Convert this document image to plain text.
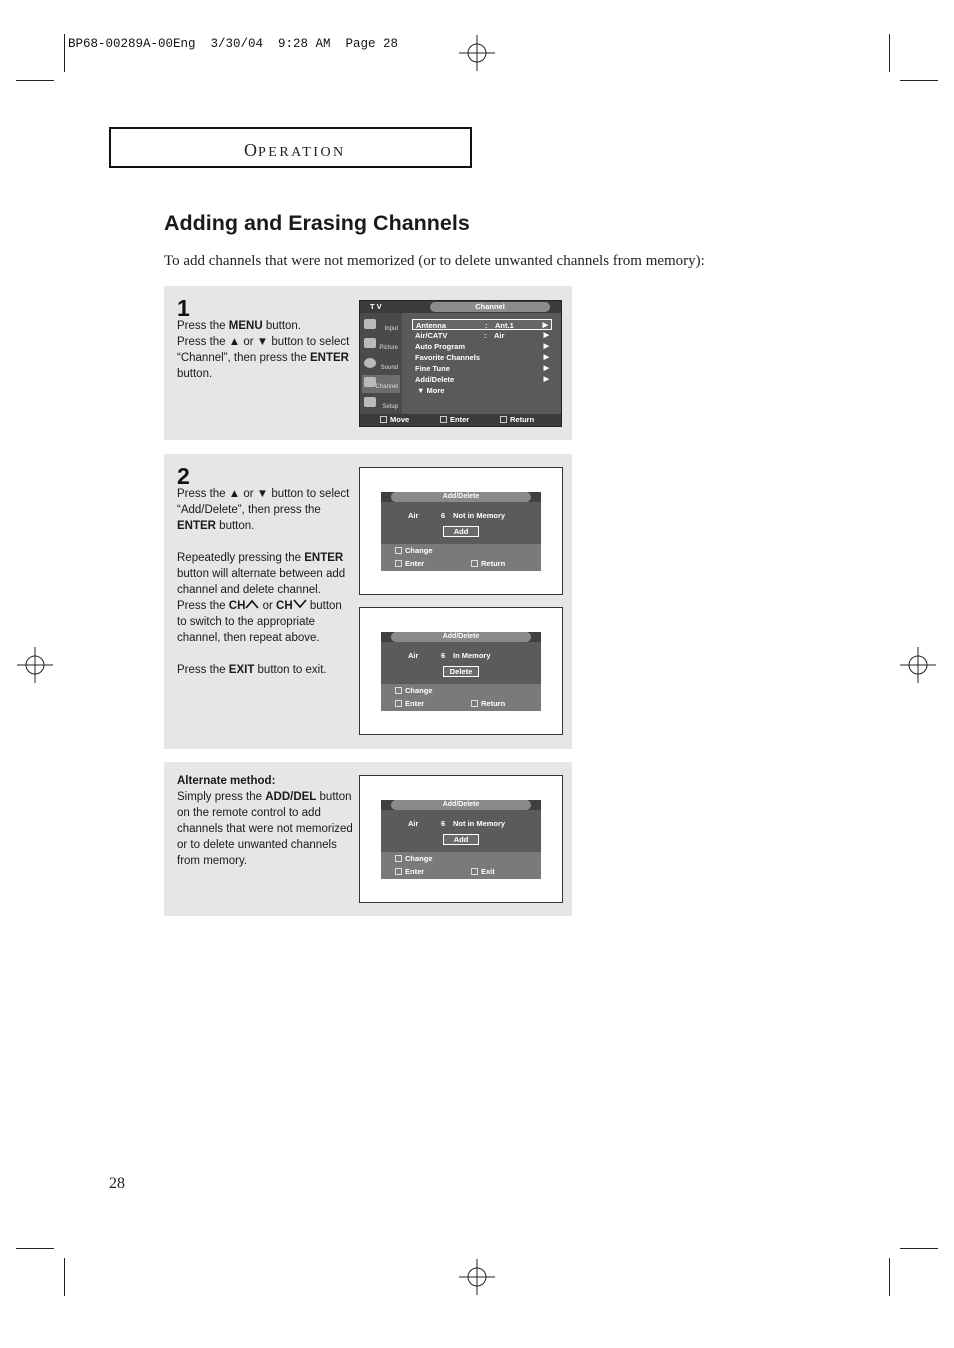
BP68-00289A-00Eng  3/30/04  9:28 AM  Page 28
OPERATION
Adding and Erasing Channels
To add channels that were not memorized (or to delete unwanted channels from memory):
1

Press the MENU button.

Press the ▲ or ▼ button to select “Channel”, then press the ENTER button.

T V	Channel
Input
Picture
Sound
Channel
Setup
Antenna	: Ant.1	▶
Air/CATV	: Air	▶
Auto Program	▶
Favorite Channels	▶
Fine Tune	▶
Add/Delete	▶
▼ More
Move	Enter	Return
2

Press the ▲ or ▼ button to select “Add/Delete”, then press the ENTER button.

Repeatedly pressing the ENTER button will alternate between add channel and delete channel. Press the CH or CH button to switch to the appropriate channel, then repeat above.

Press the EXIT button to exit.

Add/Delete
Air	6 Not in Memory
Add
Change
Enter	Return
Add/Delete
Air	6 In Memory
Delete
Change
Enter	Return

Alternate method:

Simply press the ADD/DEL button on the remote control to add channels that were not memorized or to delete unwanted channels from memory.

Add/Delete
Air	6 Not in Memory
Add
Change
Enter	Exit
28
